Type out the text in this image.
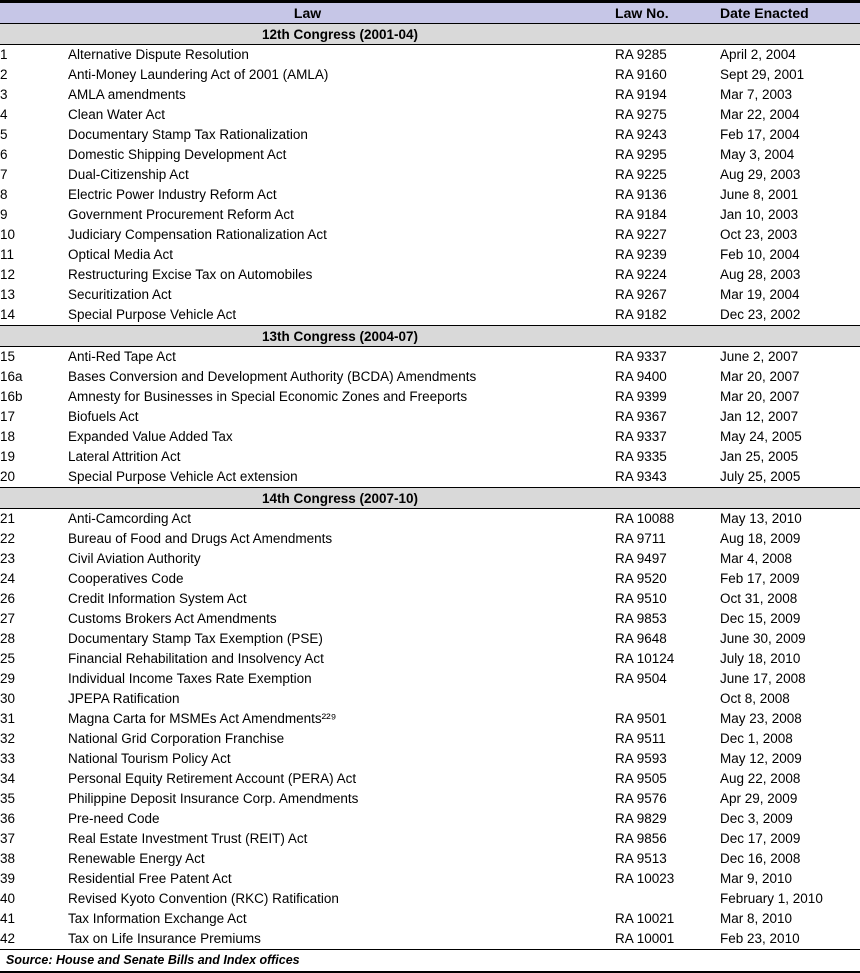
Law		Law No.	Date Enacted
12th Congress (2001-04)			
1	Alternative Dispute Resolution	RA 9285	April 2, 2004
2	Anti-Money Laundering Act of 2001 (AMLA)	RA 9160	Sept 29, 2001
3	AMLA amendments	RA 9194	Mar 7, 2003
4	Clean Water Act	RA 9275	Mar 22, 2004
5	Documentary Stamp Tax Rationalization	RA 9243	Feb 17, 2004
6	Domestic Shipping Development Act	RA 9295	May 3, 2004
7	Dual-Citizenship Act	RA 9225	Aug 29, 2003
8	Electric Power Industry Reform Act	RA 9136	June 8, 2001
9	Government Procurement Reform Act	RA 9184	Jan 10, 2003
10	Judiciary Compensation Rationalization Act	RA 9227	Oct 23, 2003
11	Optical Media Act	RA 9239	Feb 10, 2004
12	Restructuring Excise Tax on Automobiles	RA 9224	Aug 28, 2003
13	Securitization Act	RA 9267	Mar 19, 2004
14	Special Purpose Vehicle Act	RA 9182	Dec 23, 2002
13th Congress (2004-07)			
15	Anti-Red Tape Act	RA 9337	June 2, 2007
16a	Bases Conversion and Development Authority (BCDA) Amendments	RA 9400	Mar 20, 2007
16b	Amnesty for Businesses in Special Economic Zones and Freeports	RA 9399	Mar 20, 2007
17	Biofuels Act	RA 9367	Jan 12, 2007
18	Expanded Value Added Tax	RA 9337	May 24, 2005
19	Lateral Attrition Act	RA 9335	Jan 25, 2005
20	Special Purpose Vehicle Act extension	RA 9343	July 25, 2005
14th Congress (2007-10)			
21	Anti-Camcording Act	RA 10088	May 13, 2010
22	Bureau of Food and Drugs Act Amendments	RA 9711	Aug 18, 2009
23	Civil Aviation Authority	RA 9497	Mar 4, 2008
24	Cooperatives Code	RA 9520	Feb 17, 2009
26	Credit Information System Act	RA 9510	Oct 31, 2008
27	Customs Brokers Act Amendments	RA 9853	Dec 15, 2009
28	Documentary Stamp Tax Exemption (PSE)	RA 9648	June 30, 2009
25	Financial Rehabilitation and Insolvency Act	RA 10124	July 18, 2010
29	Individual Income Taxes Rate Exemption	RA 9504	June 17, 2008
30	JPEPA Ratification		Oct 8, 2008
31	Magna Carta for MSMEs Act Amendments²²⁹	RA 9501	May 23, 2008
32	National Grid Corporation Franchise	RA 9511	Dec 1, 2008
33	National Tourism Policy Act	RA 9593	May 12, 2009
34	Personal Equity Retirement Account (PERA) Act	RA 9505	Aug 22, 2008
35	Philippine Deposit Insurance Corp. Amendments	RA 9576	Apr 29, 2009
36	Pre-need Code	RA 9829	Dec 3, 2009
37	Real Estate Investment Trust (REIT) Act	RA 9856	Dec 17, 2009
38	Renewable Energy Act	RA 9513	Dec 16, 2008
39	Residential Free Patent Act	RA 10023	Mar 9, 2010
40	Revised Kyoto Convention (RKC) Ratification		February 1, 2010
41	Tax Information Exchange Act	RA 10021	Mar 8, 2010
42	Tax on Life Insurance Premiums	RA 10001	Feb 23, 2010
Source: House and Senate Bills and Index offices
